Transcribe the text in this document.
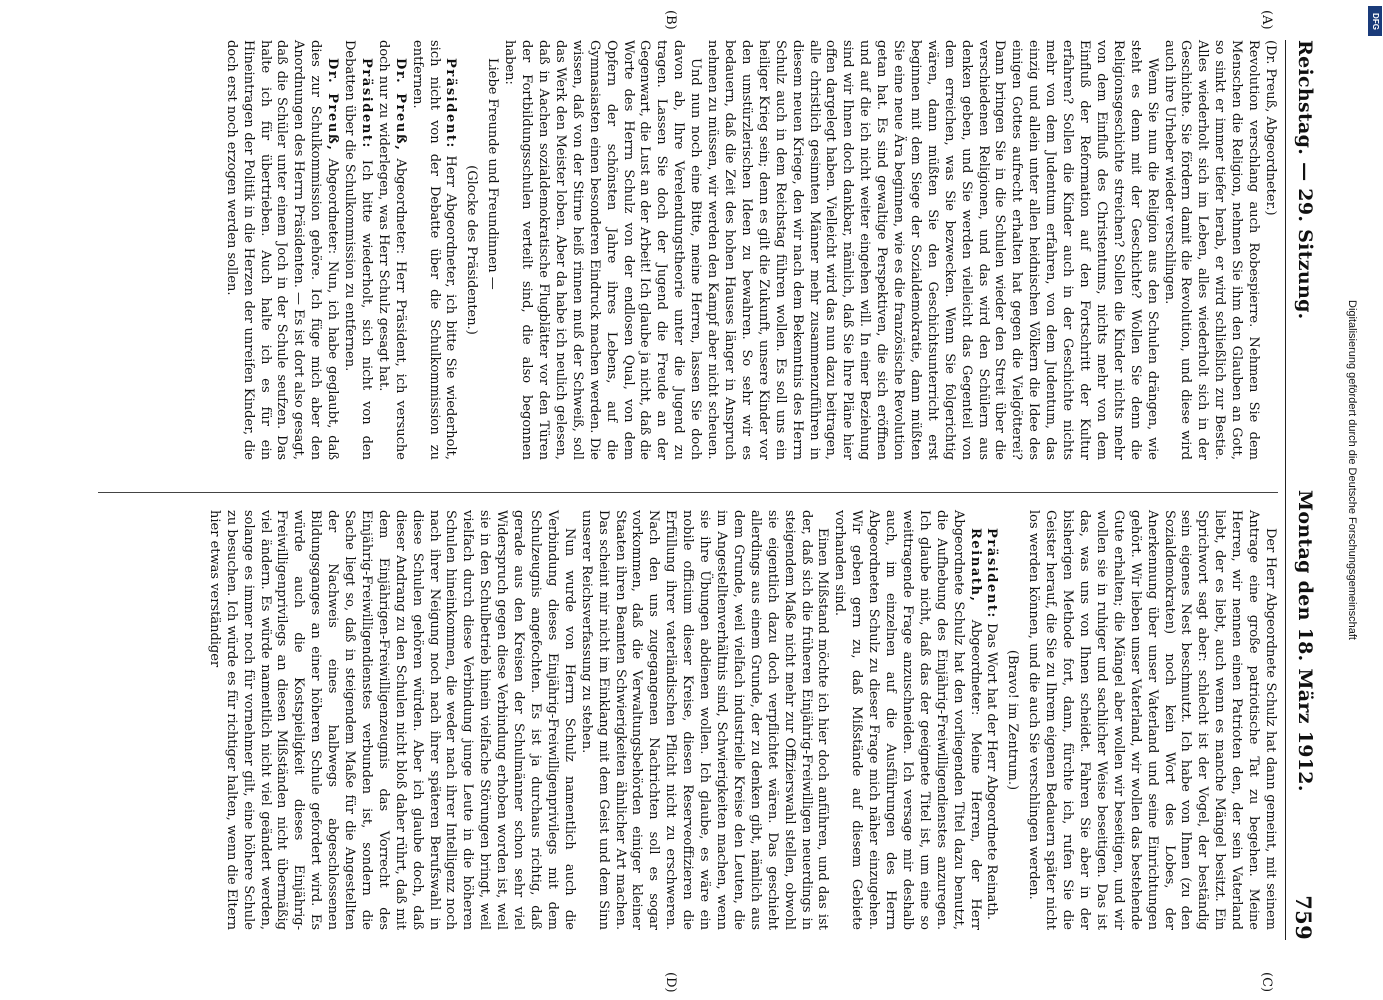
Reichstag. — 29. Sitzung.
Montag den 18. März 1912.
759
(A)
(B)
(C)
(D)

(Dr. Preuß, Abgeordneter.)

Revolution verschlang auch Robespierre. Nehmen Sie dem Menschen die Religion, nehmen Sie ihm den Glauben an Gott, so sinkt er immer tiefer herab, er wird schließlich zur Bestie. Alles wiederholt sich im Leben, alles wiederholt sich in der Geschichte. Sie fördern damit die Revolution, und diese wird auch ihre Urheber wieder verschlingen.

Wenn Sie nun die Religion aus den Schulen drängen, wie steht es denn mit der Geschichte? Wollen Sie denn die Religionsgeschichte streichen? Sollen die Kinder nichts mehr von dem Einfluß des Christentums, nichts mehr von dem Einfluß der Reformation auf den Fortschritt der Kultur erfahren? Sollen die Kinder auch in der Geschichte nichts mehr von dem Judentum erfahren, von dem Judentum, das einzig und allein unter allen heidnischen Völkern die Idee des einigen Gottes aufrecht erhalten hat gegen die Vielgötterei? Dann bringen Sie in die Schulen wieder den Streit über die verschiedenen Religionen, und das wird den Schülern aus denken geben, und Sie werden vielleicht das Gegenteil von dem erreichen, was Sie bezwecken. Wenn Sie folgerichtig wären, dann müßten Sie den Geschichtsunterricht erst beginnen mit dem Siege der Sozialdemokratie, dann müßten Sie eine neue Ära beginnen, wie es die französische Revolution getan hat. Es sind gewaltige Perspektiven, die sich eröffnen und auf die ich nicht weiter eingehen will. In einer Beziehung sind wir Ihnen doch dankbar, nämlich, daß Sie Ihre Pläne hier offen dargelegt haben. Vielleicht wird das nun dazu beitragen, alle christlich gesinnten Männer mehr zusammenzuführen in diesem neuen Kriege, den wir nach dem Bekenntnis des Herrn Schulz auch in dem Reichstag führen wollen. Es soll uns ein heiliger Krieg sein; denn es gilt die Zukunft, unsere Kinder vor den umstürzlerischen Ideen zu bewahren. So sehr wir es bedauern, daß die Zeit des hohen Hauses länger in Anspruch nehmen zu müssen, wir werden den Kampf aber nicht scheuen.

Und nun noch eine Bitte, meine Herren, lassen Sie doch davon ab, Ihre Verelendungstheorie unter die Jugend zu tragen. Lassen Sie doch der Jugend die Freude an der Gegenwart, die Lust an der Arbeit! Ich glaube ja nicht, daß die Worte des Herrn Schulz von der endlosen Qual, von dem Opfern der schönsten Jahre ihres Lebens, auf die Gymnasiasten einen besonderen Eindruck machen werden. Die wissen, daß von der Stirne heiß rinnen muß der Schweiß, soll das Werk den Meister loben. Aber da habe ich neulich gelesen, daß in Aachen sozialdemokratische Flugblätter vor den Türen der Fortbildungsschulen verteilt sind, die also begonnen haben:

Liebe Freunde und Freundinnen —

(Glocke des Präsidenten.)

Präsident: Herr Abgeordneter, ich bitte Sie wiederholt, sich nicht von der Debatte über die Schulkommission zu entfernen.

Dr. Preuß, Abgeordneter: Herr Präsident, ich versuche doch nur zu widerlegen, was Herr Schulz gesagt hat.

Präsident: Ich bitte wiederholt, sich nicht von den Debatten über die Schulkommission zu entfernen.

Dr. Preuß, Abgeordneter: Nun, ich habe geglaubt, daß dies zur Schulkommission gehöre. Ich füge mich aber den Anordnungen des Herrn Präsidenten. — Es ist dort also gesagt, daß die Schüler unter einem Joch in der Schule seufzen. Das halte ich für übertrieben. Auch halte ich es für ein Hineintragen der Politik in die Herzen der unreifen Kinder, die doch erst noch erzogen werden sollen.

Der Herr Abgeordnete Schulz hat dann gemeint, mit seinem Antrage eine große patriotische Tat zu begehen. Meine Herren, wir nennen einen Patrioten den, der sein Vaterland liebt, der es liebt, auch wenn es manche Mängel besitzt. Ein Sprichwort sagt aber: schlecht ist der Vogel, der beständig sein eigenes Nest beschmutzt. Ich habe von Ihnen (zu den Sozialdemokraten) noch kein Wort des Lobes, der Anerkennung über unser Vaterland und seine Einrichtungen gehört. Wir lieben unser Vaterland, wir wollen das bestehende Gute erhalten; die Mängel aber wollen wir beseitigen, und wir wollen sie in ruhiger und sachlicher Weise beseitigen. Das ist das, was uns von Ihnen scheidet. Fahren Sie aber in der bisherigen Methode fort, dann, fürchte ich, rufen Sie die Geister herauf, die Sie zu Ihrem eigenen Bedauern später nicht los werden können, und die auch Sie verschlingen werden.

(Bravo! im Zentrum.)

Präsident: Das Wort hat der Herr Abgeordnete Reinath.

Reinath, Abgeordneter: Meine Herren, der Herr Abgeordnete Schulz hat den vorliegenden Titel dazu benutzt, die Aufhebung des Einjährig-Freiwilligendienstes anzuregen. Ich glaube nicht, daß das der geeignete Titel ist, um eine so weittragende Frage anzuschneiden. Ich versage mir deshalb auch, im einzelnen auf die Ausführungen des Herrn Abgeordneten Schulz zu dieser Frage mich näher einzugehen. Wir geben gern zu, daß Mißstände auf diesem Gebiete vorhanden sind.

Einen Mißstand möchte ich hier doch anführen, und das ist der, daß sich die früheren Einjährig-Freiwilligen neuerdings in steigendem Maße nicht mehr zur Offizierswahl stellen, obwohl sie eigentlich dazu doch verpflichtet wären. Das geschieht allerdings aus einem Grunde, der zu denken gibt, nämlich aus dem Grunde, weil vielfach industrielle Kreise den Leuten, die im Angestelltenverhältnis sind, Schwierigkeiten machen, wenn sie ihre Übungen abdienen wollen. Ich glaube, es wäre ein nobile officium dieser Kreise, diesen Reserveoffizieren die Erfüllung ihrer vaterländischen Pflicht nicht zu erschweren. Nach den uns zugegangenen Nachrichten soll es sogar vorkommen, daß die Verwaltungsbehörden einiger kleiner Staaten ihren Beamten Schwierigkeiten ähnlicher Art machen. Das scheint mir nicht im Einklang mit dem Geist und dem Sinn unserer Reichsverfassung zu stehen.

Nun wurde von Herrn Schulz namentlich auch die Verbindung dieses Einjährig-Freiwilligenprivilegs mit dem Schulzeugnis angefochten. Es ist ja durchaus richtig, daß gerade aus den Kreisen der Schulmänner schon sehr viel Widerspruch gegen diese Verbindung erhoben worden ist, weil sie in den Schulbetrieb hinein vielfache Störungen bringt, weil vielfach durch diese Verbindung junge Leute in die höheren Schulen hineinkommen, die weder nach ihrer Intelligenz noch nach ihrer Neigung noch nach ihrer späteren Berufswahl in diese Schulen gehören würden. Aber ich glaube doch, daß dieser Andrang zu den Schulen nicht bloß daher rührt, daß mit dem Einjährigen-Freiwilligenzeugnis das Vorrecht des Einjährig-Freiwilligendienstes verbunden ist, sondern die Sache liegt so, daß in steigendem Maße für die Angestellten der Nachweis eines halbwegs abgeschlossenen Bildungsganges an einer höheren Schule gefordert wird. Es würde auch die Kostspieligkeit dieses Einjährig-Freiwilligenprivilegs an diesen Mißständen nicht übermäßig viel ändern. Es würde namentlich nicht viel geändert werden, solange es immer noch für vornehmer gilt, eine höhere Schule zu besuchen. Ich würde es für richtiger halten, wenn die Eltern hier etwas verständiger

DFG
Digitalisierung gefördert durch die Deutsche Forschungsgemeinschaft
